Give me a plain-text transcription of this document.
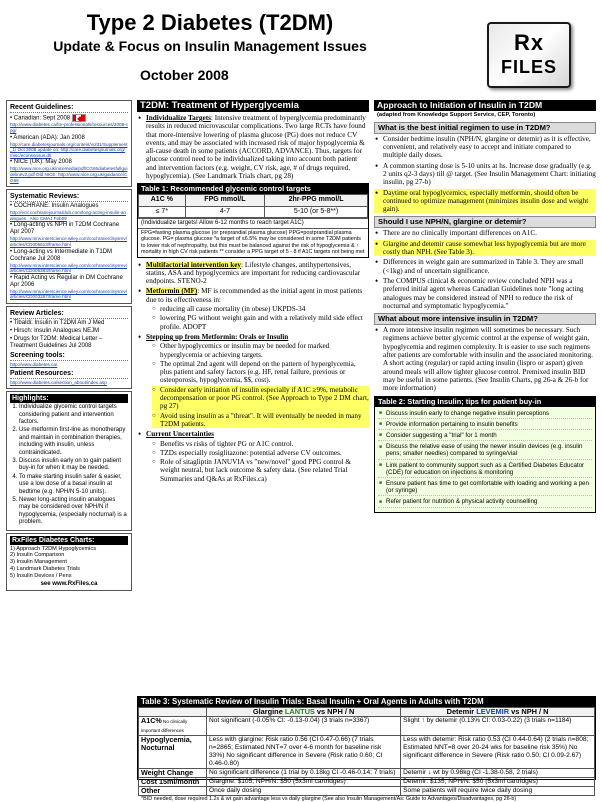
Type 2 Diabetes (T2DM)
Update & Focus on Insulin Management Issues
October 2008
Rx
FILES
Recent Guidelines:
• Canadian: Sept 2008
http://www.diabetes.ca/for-professionals/resources/2008-cpg/
• American (ADA): Jan 2008
http://care.diabetesjournals.org/content/vol31/Supplement_1/ Oct 2008 update on: http://care.diabetesjournals.org/misc/econsensus.dtl
• NICE (UK): May 2008
http://www.nice.org.uk/nicemedia/pdf/CG66diabetesfullguidelinev2.pdf Old NICE: http://www.nice.org.uk/guidance/CG66
Systematic Reviews:
• COCHRANE: Insulin Analogues
http://ecit.cochranejournalclub.com/long-acting-insulin-analogues ; Also CMAJ Feb09
• Long-acting vs NPH in T2DM Cochrane Apr 2007
http://www.mrw.interscience.wiley.com/cochrane/clsysrev/articles/CD005613/frame.html
• Long-acting vs Intermediate in T1DM Cochrane Jul 2008
http://www.mrw.interscience.wiley.com/cochrane/clsysrev/articles/CD006383/frame.html
• Rapid Acting vs Regular in DM Cochrane Apr 2006
http://www.mrw.interscience.wiley.com/cochrane/clsysrev/articles/CD003287/frame.html
Review Articles:
• Tibaldi: Insulin in T2DM Am J Med
• Hirsch: Insulin Analogues NEJM
• Drugs for T2DM: Medical Letter – Treatment Guidelines Jul 2008
Screening tools:
http://www.diabetes.ca/
Patient Resources:
http://www.diabetes.ca/section_about/index.asp
Highlights:
1. Individualize glycemic control targets considering patient and intervention factors.
2. Use metformin first-line as monotherapy and maintain in combination therapies, including with insulin, unless contraindicated.
3. Discuss insulin early on to gain patient buy-in for when it may be needed.
4. To make starting insulin safer & easier, use a low dose of a basal insulin at bedtime (e.g. NPH/N 5-10 units).
5. Newer long-acting insulin analogues may be considered over NPH/N if hypoglycemia, (especially nocturnal) is a problem.
RxFiles Diabetes Charts:
1) Approach T2DM Hypoglycemics
2) Insulin Comparison
3) Insulin Management
4) Landmark Diabetes Trials
5) Insulin Devices / Pens
see www.RxFiles.ca
T2DM: Treatment of Hyperglycemia
• Individualize Targets: Intensive treatment of hyperglycemia predominantly results in reduced microvascular complications. Two large RCTs have found that more-intensive lowering of plasma glucose (PG) does not reduce CV events, and may be associated with increased risk of major hypoglycemia & all-cause death in some patients (ACCORD, ADVANCE). Thus, targets for glucose control need to be individualized taking into account both patient and intervention factors (e.g. weight, CV risk, age, # of drugs required, hypoglycemia). (See Landmark Trials chart, pg 28)
Table 1: Recommended glycemic control targets
A1C %	FPG mmol/L	2hr-PPG mmol/L
≤ 7*	4-7	5-10 (or 5-8**)
(Individualize targets! Allow 6-12 months to reach target A1C)
FPG=fasting plasma glucose (or preprandial plasma glucose) PPG=postprandial plasma glucose. PG= plasma glucose *a target of ≤6.5% may be considered in some T2DM patients to lower risk of nephropathy, but this must be balanced against the risk of hypoglycemia & ↑ mortality in high CV risk patients ** consider a PPG target of 5 - 8 if A1C targets not being met
• Multifactorial intervention key: Lifestyle changes, antihypertensives, statins, ASA and hypoglycemics are important for reducing cardiovascular endpoints. STENO-2
• Metformin (MF): MF is recommended as the initial agent in most patients due to its effectiveness in:
○ reducing all cause mortality (in obese) UKPDS-34
○ lowering PG without weight gain and with a relatively mild side effect profile. ADOPT
• Stepping up from Metformin: Orals or Insulin
○ Other hypoglycemics or insulin may be needed for marked hyperglycemia or achieving targets.
○ The optimal 2nd agent will depend on the pattern of hyperglycemia, plus patient and safety factors (e.g. HF, renal failure, previous or osteoporosis, hypoglycemia, $$, cost).
○ Consider early initiation of insulin especially if A1C ≥9%, metabolic decompensation or poor PG control. (See Approach to Type 2 DM chart, pg 27)
○ Avoid using insulin as a "threat". It will eventually be needed in many T2DM patients.
• Current Uncertainties
○ Benefits vs risks of tighter PG or A1C control.
○ TZDs especially rosiglitazone: potential adverse CV outcomes.
○ Role of sitagliptin JANUVIA vs "new/novel" good PPG control & weight neutral, but lack outcome & safety data. (See related Trial Summaries and Q&As at RxFiles.ca)
Approach to Initiation of Insulin in T2DM
(adapted from Knowledge Support Service, CEP, Toronto)
What is the best initial regimen to use in T2DM?
• Consider bedtime insulin (NPH/N, glargine or detemir) as it is effective, convenient, and relatively easy to accept and initiate compared to multiple daily doses.
• A common starting dose is 5-10 units at hs. Increase dose gradually (e.g. 2 units q2-3 days) till @ target. (See Insulin Management Chart: initiating insulin, pg 27-b)
• Daytime oral hypoglycemics, especially metformin, should often be continued to optimize management (minimizes insulin dose and weight gain).
Should I use NPH/N, glargine or detemir?
• There are no clinically important differences on A1C.
• Glargine and detemir cause somewhat less hypoglycemia but are more costly than NPH. (See Table 3).
• Differences in weight gain are summarized in Table 3. They are small (<1kg) and of uncertain significance.
• The COMPUS clinical & economic review concluded NPH was a preferred initial agent whereas Canadian Guidelines note "long acting analogues may be considered instead of NPH to reduce the risk of nocturnal and symptomatic hypoglycemia."
What about more intensive insulin in T2DM?
• A more intensive insulin regimen will sometimes be necessary. Such regimens achieve better glycemic control at the expense of weight gain, hypoglycemia and regimen complexity. It is easier to use such regimens after patients are comfortable with insulin and the associated monitoring. A short acting (regular) or rapid acting insulin (lispro or aspart) given around meals will allow tighter glucose control. Premixed insulin BID may be useful in some patients. (See Insulin Charts, pg 26-a & 26-b for more information)
Table 2: Starting Insulin; tips for patient buy-in
■ Discuss insulin early to change negative insulin perceptions
■ Provide information pertaining to insulin benefits
■ Consider suggesting a "trial" for 1 month
■ Discuss the relative ease of using the newer insulin devices (e.g. insulin pens; smaller needles) compared to syringe/vial
■ Link patient to community support such as a Certified Diabetes Educator (CDE) for education on injections & monitoring
■ Ensure patient has time to get comfortable with loading and working a pen (or syringe)
■ Refer patient for nutrition & physical activity counselling
Table 3: Systematic Review of Insulin Trials: Basal Insulin + Oral Agents in Adults with T2DM
	Glargine LANTUS vs NPH / N	Detemir LEVEMIR vs NPH / N
A1C% No clinically important differences	Not significant (-0.05% CI: -0.13-0.04) (3 trials n=3367)	Slight ↑ by detemir (0.13% CI: 0.03-0.22) (3 trials n=1184)
Hypoglycemia, Nocturnal	Less with glargine: Risk ratio 0.56 (CI 0.47-0.66) (7 trials n=2865; Estimated NNT=7 over 4-6 month for baseline risk 33%) No significant difference in Severe (Risk ratio 0.60; CI 0.46-0.80)	Less with detemir: Risk ratio 0.53 (CI 0.44-0.64) (2 trials n=808; Estimated NNT=8 over 20-24 wks for baseline risk 35%) No significant difference in Severe (Risk ratio 0.50; CI 0.09-2.67)
Weight Change	No significant difference (1 trial by 0.18kg CI -0.46-0.14; 7 trials)	Detemir ↓ wt by 0.98kg (CI -1.38-0.58, 2 trials)
Cost 15ml/month	Glargine: $105; NPH/N: $50 (5x3ml cartridges)	Detemir: $135; NPH/N: $50 (5x3ml cartridges)
Other	Once daily dosing	Some patients will require twice daily dosing
*BID needed, dose required 1.2x & wt gain advantage less vs daily glargine (See also Insulin Management/As: Guide to Advantages/Disadvantages, pg 26-b)
